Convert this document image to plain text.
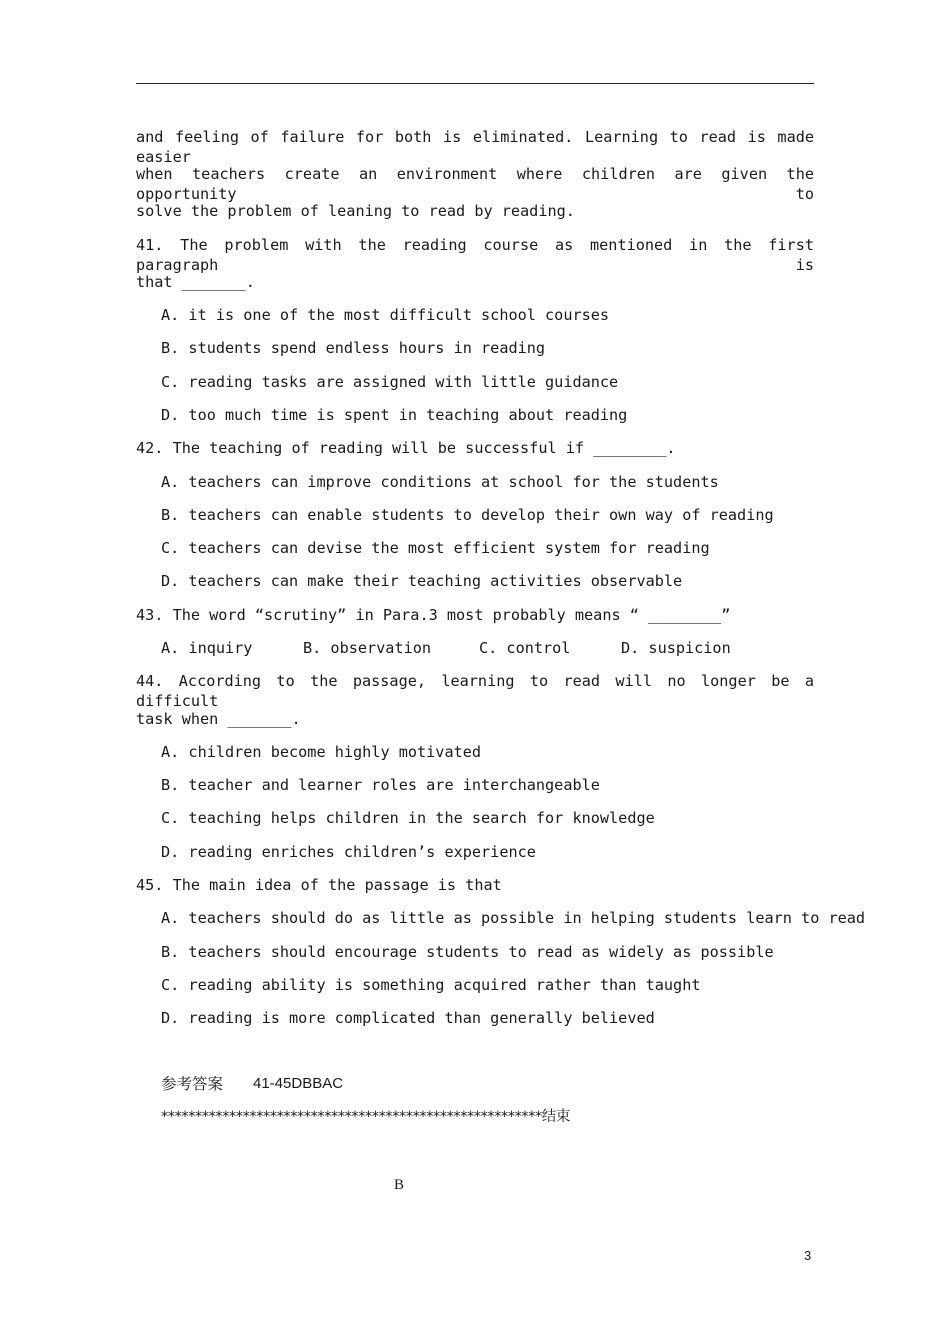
and feeling of failure for both is eliminated. Learning to read is made easier
when teachers create an environment where children are given the opportunity to
solve the problem of leaning to read by reading.
41. The problem with the reading course as mentioned in the first paragraph is
that _______.
A. it is one of the most difficult school courses
B. students spend endless hours in reading
C. reading tasks are assigned with little guidance
D. too much time is spent in teaching about reading
42. The teaching of reading will be successful if ________.
A. teachers can improve conditions at school for the students
B. teachers can enable students to develop their own way of reading
C. teachers can devise the most efficient system for reading
D. teachers can make their teaching activities observable
43. The word “scrutiny” in Para.3 most probably means “ ________”
A. inquiry	B. observation	C. control	D. suspicion
44. According to the passage, learning to read will no longer be a difficult
task when _______.
A. children become highly motivated
B. teacher and learner roles are interchangeable
C. teaching helps children in the search for knowledge
D. reading enriches children’s experience
45. The main idea of the passage is that
A. teachers should do as little as possible in helping students learn to read
B. teachers should encourage students to read as widely as possible
C. reading ability is something acquired rather than taught
D. reading is more complicated than generally believed
参考答案 41-45DBBAC
********************************************************结束
B
3
